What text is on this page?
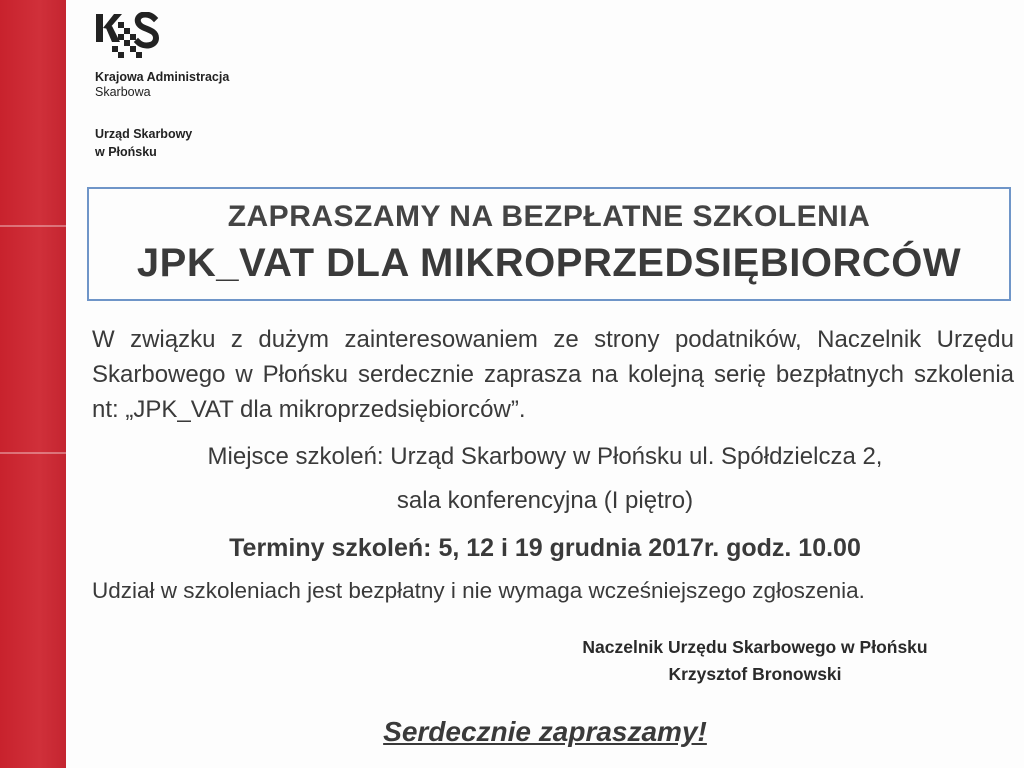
Krajowa Administracja
Skarbowa
Urząd Skarbowy
w Płońsku
ZAPRASZAMY NA BEZPŁATNE SZKOLENIA
JPK_VAT DLA MIKROPRZEDSIĘBIORCÓW

W związku z dużym zainteresowaniem ze strony podatników, Naczelnik Urzędu Skarbowego w Płońsku serdecznie zaprasza na kolejną serię bezpłatnych szkolenia nt: „JPK_VAT dla mikroprzedsiębiorców”.

Miejsce szkoleń: Urząd Skarbowy w Płońsku ul. Spółdzielcza 2,
sala konferencyjna (I piętro)
Terminy szkoleń: 5, 12 i 19 grudnia 2017r. godz. 10.00
Udział w szkoleniach jest bezpłatny i nie wymaga wcześniejszego zgłoszenia.
Naczelnik Urzędu Skarbowego w Płońsku
Krzysztof Bronowski
Serdecznie zapraszamy!
